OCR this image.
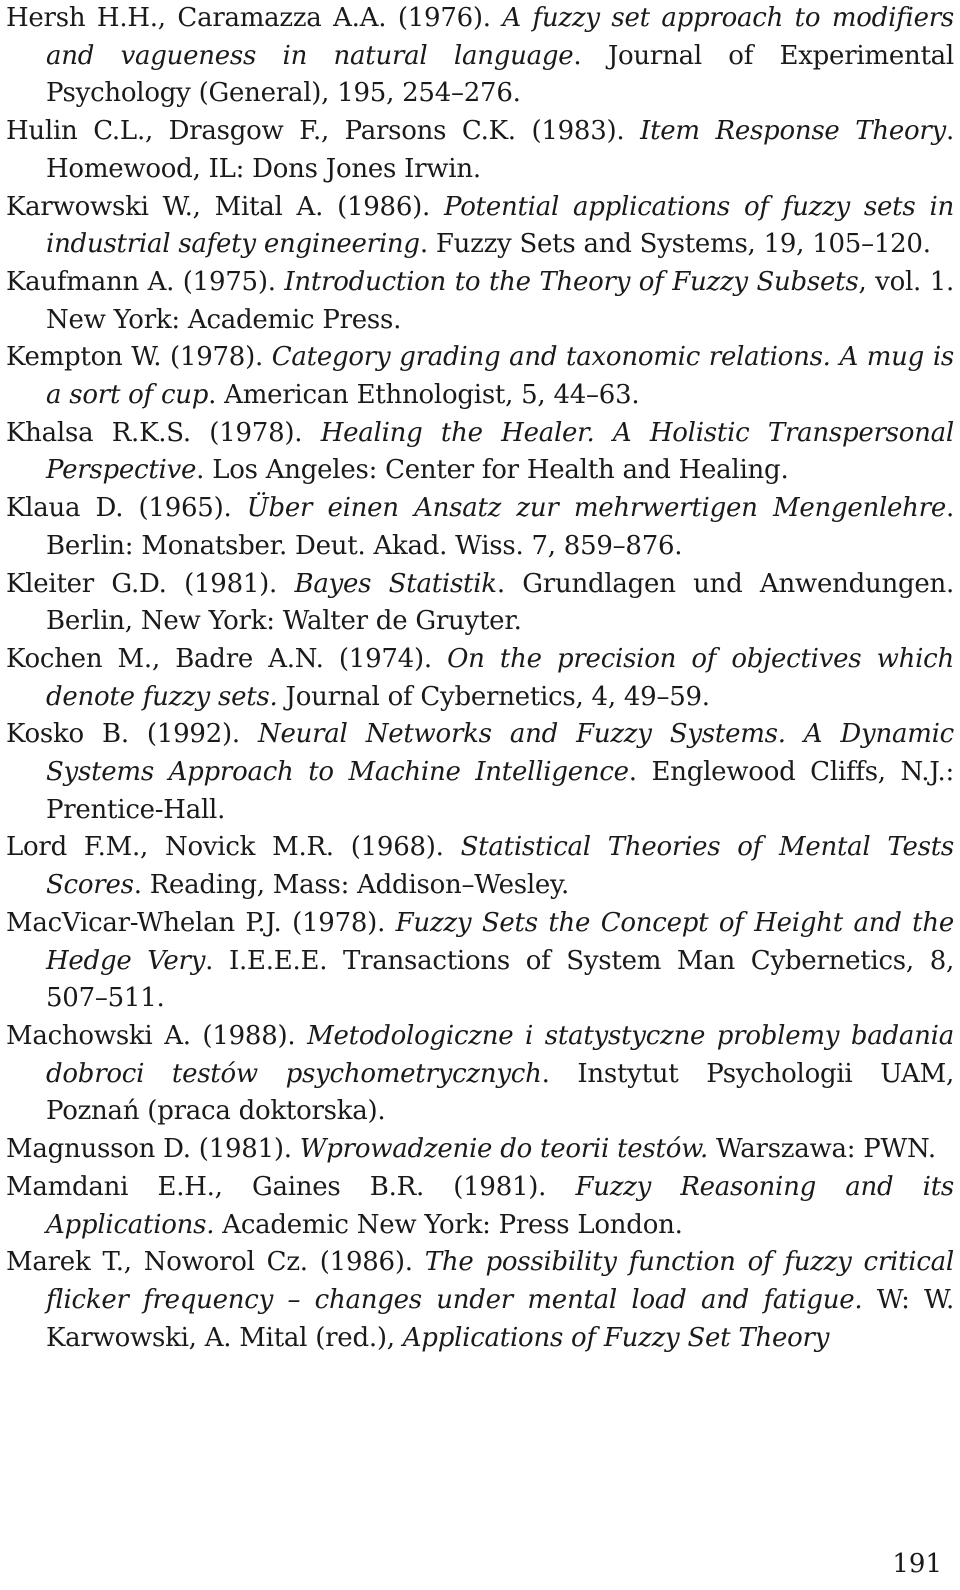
Hersh H.H., Caramazza A.A. (1976). A fuzzy set approach to modifiers and vagueness in natural language. Journal of Experimental Psychology (General), 195, 254–276.

Hulin C.L., Drasgow F., Parsons C.K. (1983). Item Response Theory. Homewood, IL: Dons Jones Irwin.

Karwowski W., Mital A. (1986). Potential applications of fuzzy sets in industrial safety engineering. Fuzzy Sets and Systems, 19, 105–120.

Kaufmann A. (1975). Introduction to the Theory of Fuzzy Subsets, vol. 1. New York: Academic Press.

Kempton W. (1978). Category grading and taxonomic relations. A mug is a sort of cup. American Ethnologist, 5, 44–63.

Khalsa R.K.S. (1978). Healing the Healer. A Holistic Transpersonal Perspective. Los Angeles: Center for Health and Healing.

Klaua D. (1965). Über einen Ansatz zur mehrwertigen Mengenlehre. Berlin: Monatsber. Deut. Akad. Wiss. 7, 859–876.

Kleiter G.D. (1981). Bayes Statistik. Grundlagen und Anwendungen. Berlin, New York: Walter de Gruyter.

Kochen M., Badre A.N. (1974). On the precision of objectives which denote fuzzy sets. Journal of Cybernetics, 4, 49–59.

Kosko B. (1992). Neural Networks and Fuzzy Systems. A Dynamic Systems Approach to Machine Intelligence. Englewood Cliffs, N.J.: Prentice-Hall.

Lord F.M., Novick M.R. (1968). Statistical Theories of Mental Tests Scores. Reading, Mass: Addison–Wesley.

MacVicar-Whelan P.J. (1978). Fuzzy Sets the Concept of Height and the Hedge Very. I.E.E.E. Transactions of System Man Cybernetics, 8, 507–511.

Machowski A. (1988). Metodologiczne i statystyczne problemy badania dobroci testów psychometrycznych. Instytut Psychologii UAM, Poznań (praca doktorska).

Magnusson D. (1981). Wprowadzenie do teorii testów. Warszawa: PWN.

Mamdani E.H., Gaines B.R. (1981). Fuzzy Reasoning and its Applications. Academic New York: Press London.

Marek T., Noworol Cz. (1986). The possibility function of fuzzy critical flicker frequency – changes under mental load and fatigue. W: W. Karwowski, A. Mital (red.), Applications of Fuzzy Set Theory

191
